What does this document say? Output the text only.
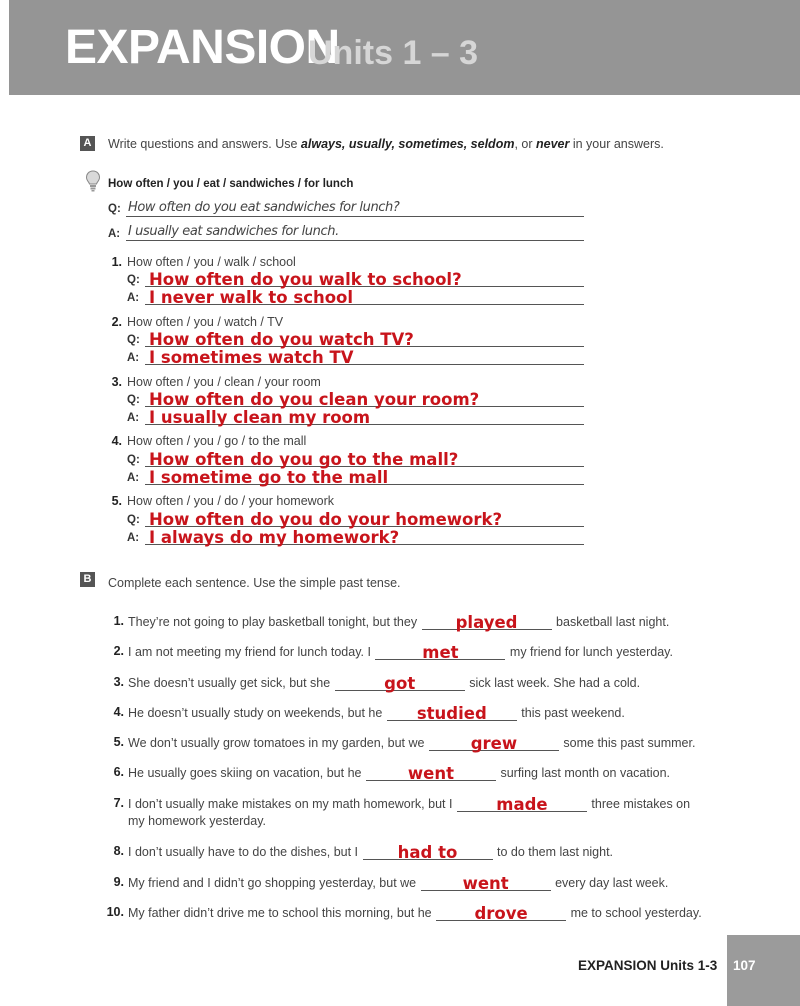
EXPANSION
Units 1 – 3
A Write questions and answers. Use always, usually, sometimes, seldom, or never in your answers.
How often / you / eat / sandwiches / for lunch
Q: How often do you eat sandwiches for lunch?
A: I usually eat sandwiches for lunch.
1. How often / you / walk / school
Q: How often do you walk to school?
A: I never walk to school
2. How often / you / watch / TV
Q: How often do you watch TV?
A: I sometimes watch TV
3. How often / you / clean / your room
Q: How often do you clean your room?
A: I usually clean my room
4. How often / you / go / to the mall
Q: How often do you go to the mall?
A: I sometime go to the mall
5. How often / you / do / your homework
Q: How often do you do your homework?
A: I always do my homework?
B Complete each sentence. Use the simple past tense.
1. They’re not going to play basketball tonight, but they	played	basketball last night.
2. I am not meeting my friend for lunch today. I	met	my friend for lunch yesterday.
3. She doesn’t usually get sick, but she	got	sick last week. She had a cold.
4. He doesn’t usually study on weekends, but he	studied	this past weekend.
5. We don’t usually grow tomatoes in my garden, but we	grew	some this past summer.
6. He usually goes skiing on vacation, but he	went	surfing last month on vacation.
7. I don’t usually make mistakes on my math homework, but I	made	three mistakes on
my homework yesterday.
8. I don’t usually have to do the dishes, but I	had to	to do them last night.
9. My friend and I didn’t go shopping yesterday, but we	went	every day last week.
10. My father didn’t drive me to school this morning, but he	drove	me to school yesterday.
EXPANSION Units 1-3 107
